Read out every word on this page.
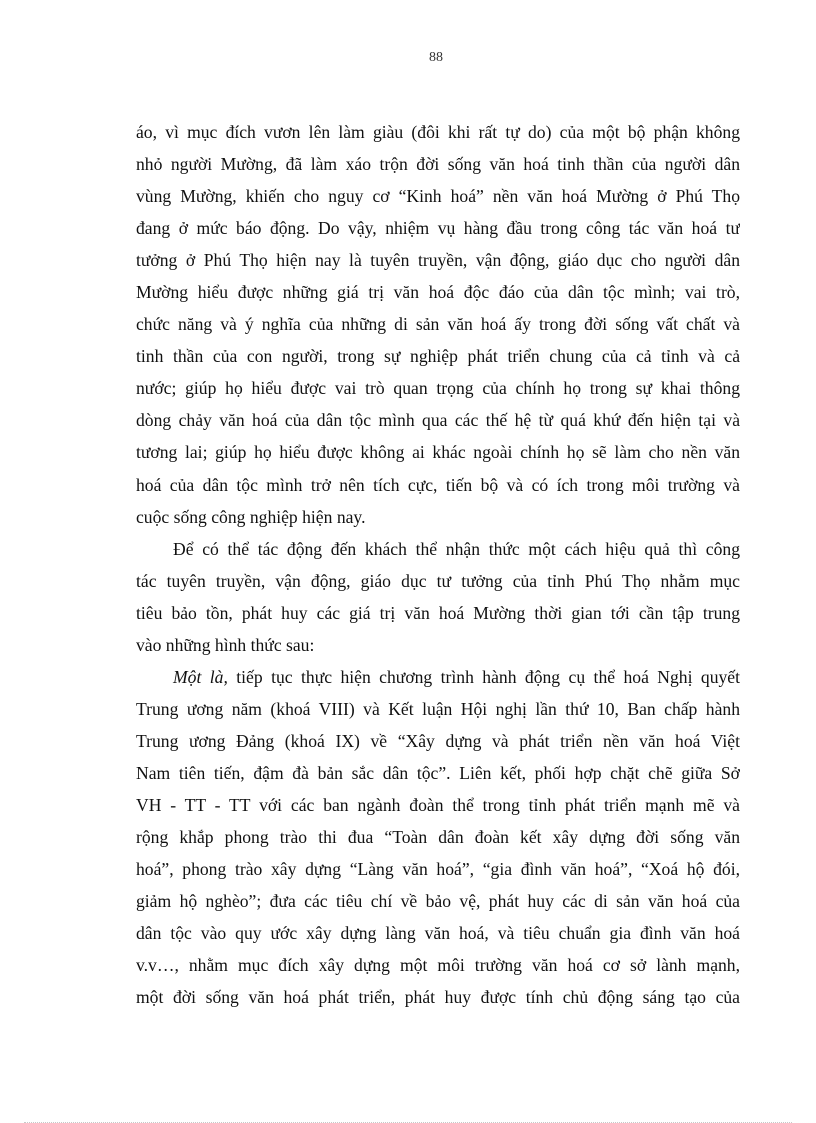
88
áo, vì mục đích vươn lên làm giàu (đôi khi rất tự do) của một bộ phận không
nhỏ người Mường, đã làm xáo trộn đời sống văn hoá tinh thần của người dân
vùng Mường, khiến cho nguy cơ “Kinh hoá” nền văn hoá Mường ở Phú Thọ
đang ở mức báo động. Do vậy, nhiệm vụ hàng đầu trong công tác văn hoá tư
tưởng ở Phú Thọ hiện nay là tuyên truyền, vận động, giáo dục cho người dân
Mường hiểu được những giá trị văn hoá độc đáo của dân tộc mình; vai trò,
chức năng và ý nghĩa của những di sản văn hoá ấy trong đời sống vất chất và
tinh thần của con người, trong sự nghiệp phát triển chung của cả tỉnh và cả
nước; giúp họ hiểu được vai trò quan trọng của chính họ trong sự khai thông
dòng chảy văn hoá của dân tộc mình qua các thế hệ từ quá khứ đến hiện tại và
tương lai; giúp họ hiểu được không ai khác ngoài chính họ sẽ làm cho nền văn
hoá của dân tộc mình trở nên tích cực, tiến bộ và có ích trong môi trường và
cuộc sống công nghiệp hiện nay.
Để có thể tác động đến khách thể nhận thức một cách hiệu quả thì công
tác tuyên truyền, vận động, giáo dục tư tưởng của tỉnh Phú Thọ nhằm mục
tiêu bảo tồn, phát huy các giá trị văn hoá Mường thời gian tới cần tập trung
vào những hình thức sau:
Một là, tiếp tục thực hiện chương trình hành động cụ thể hoá Nghị quyết
Trung ương năm (khoá VIII) và Kết luận Hội nghị lần thứ 10, Ban chấp hành
Trung ương Đảng (khoá IX) về “Xây dựng và phát triển nền văn hoá Việt
Nam tiên tiến, đậm đà bản sắc dân tộc”. Liên kết, phối hợp chặt chẽ giữa Sở
VH - TT - TT với các ban ngành đoàn thể trong tỉnh phát triển mạnh mẽ và
rộng khắp phong trào thi đua “Toàn dân đoàn kết xây dựng đời sống văn
hoá”, phong trào xây dựng “Làng văn hoá”, “gia đình văn hoá”, “Xoá hộ đói,
giảm hộ nghèo”; đưa các tiêu chí về bảo vệ, phát huy các di sản văn hoá của
dân tộc vào quy ước xây dựng làng văn hoá, và tiêu chuẩn gia đình văn hoá
v.v…, nhằm mục đích xây dựng một môi trường văn hoá cơ sở lành mạnh,
một đời sống văn hoá phát triển, phát huy được tính chủ động sáng tạo của
